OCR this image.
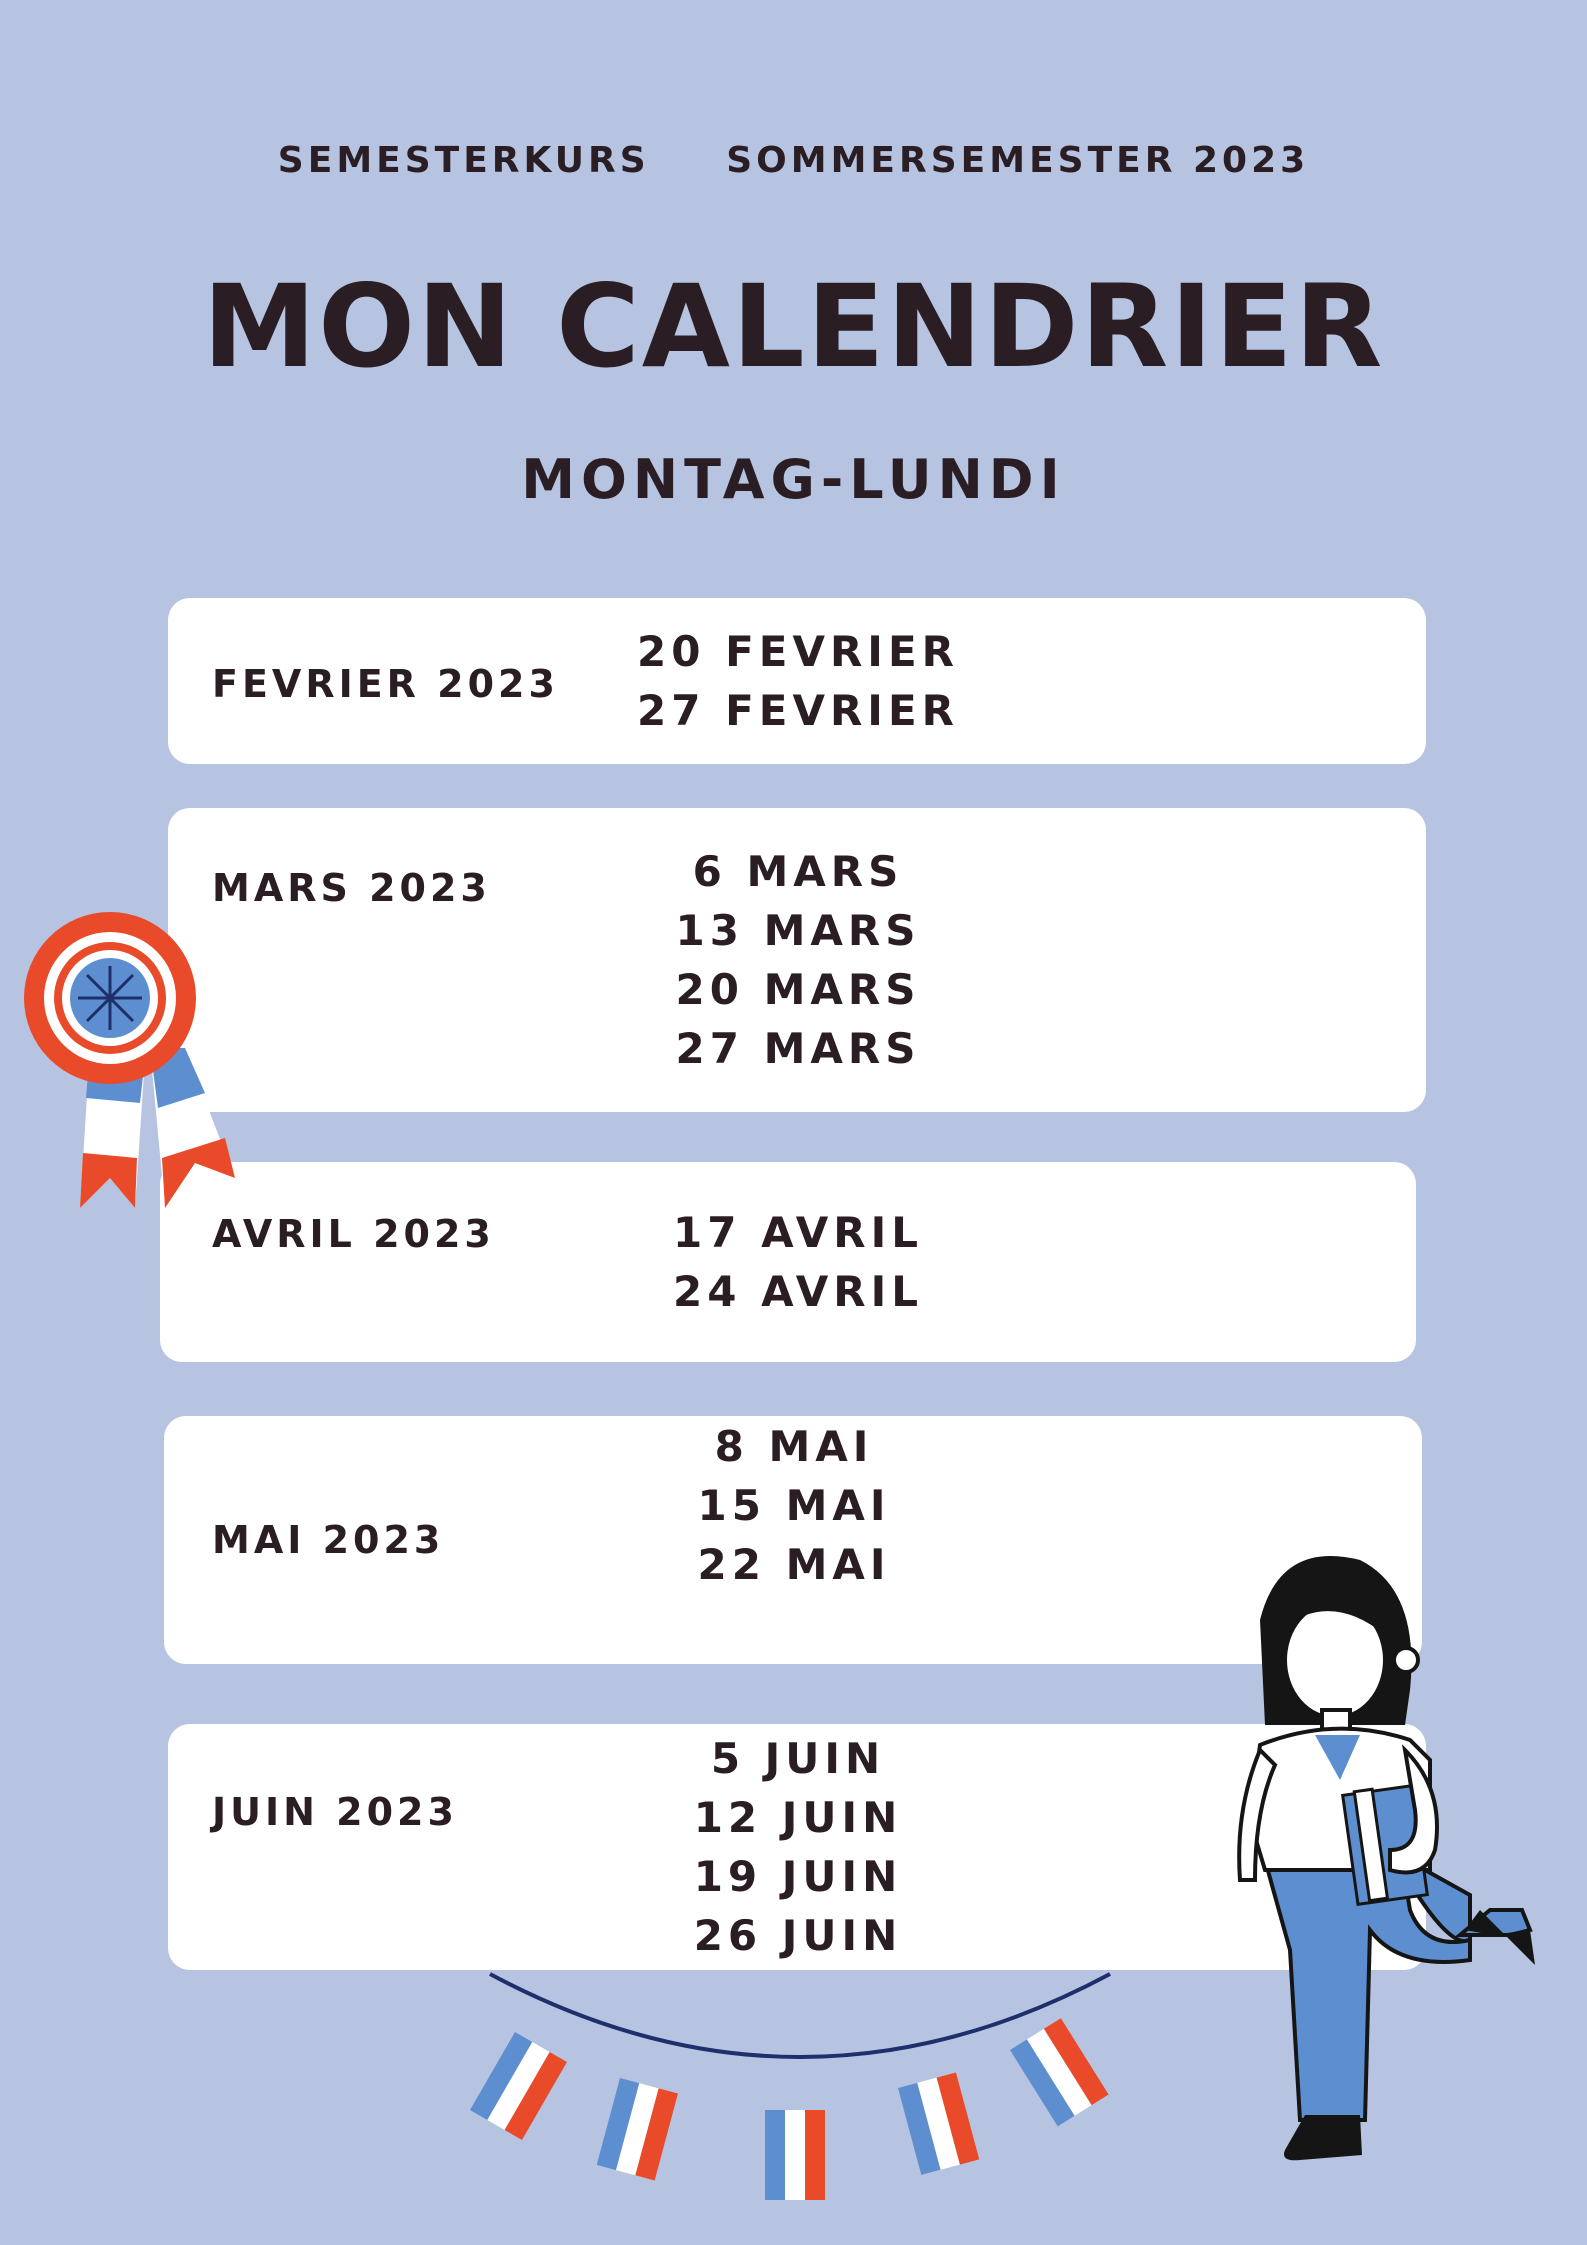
SEMESTERKURS SOMMERSEMESTER 2023
MON CALENDRIER
MONTAG-LUNDI
FEVRIER 2023
20 FEVRIER
27 FEVRIER
MARS 2023	6 MARS
13 MARS
20 MARS
27 MARS
AVRIL 2023	17 AVRIL
24 AVRIL
MAI 2023
8 MAI
15 MAI
22 MAI
JUIN 2023
5 JUIN
12 JUIN
19 JUIN
26 JUIN
